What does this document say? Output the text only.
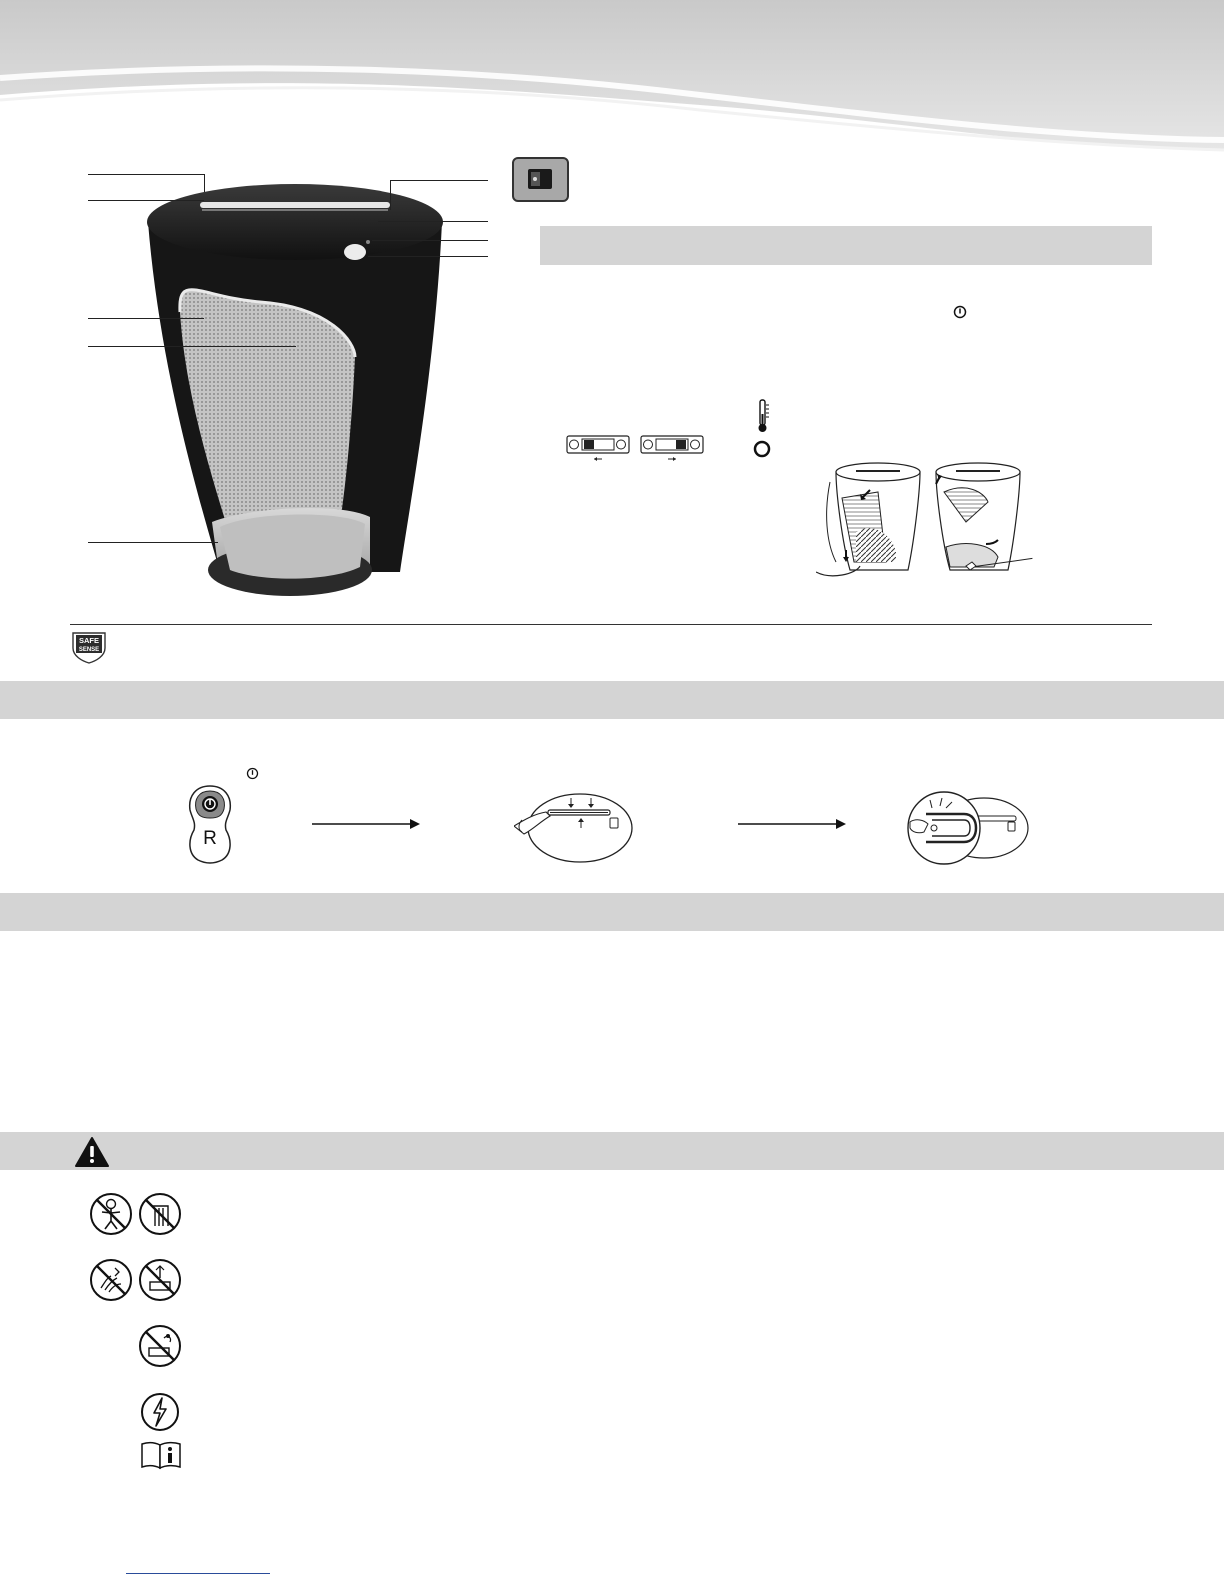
SAFE
SENSE
R
